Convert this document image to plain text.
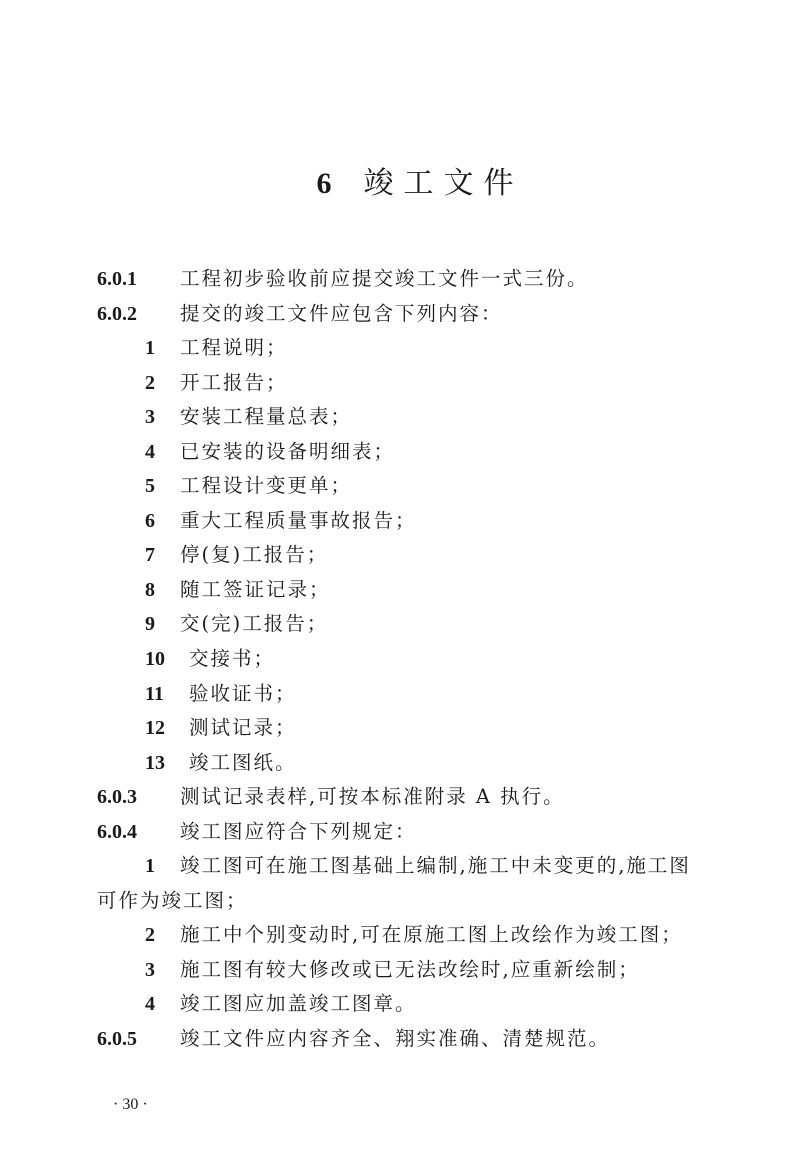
6 竣工文件
6.0.1 工程初步验收前应提交竣工文件一式三份。
6.0.2 提交的竣工文件应包含下列内容：
1 工程说明；
2 开工报告；
3 安装工程量总表；
4 已安装的设备明细表；
5 工程设计变更单；
6 重大工程质量事故报告；
7 停(复)工报告；
8 随工签证记录；
9 交(完)工报告；
10 交接书；
11 验收证书；
12 测试记录；
13 竣工图纸。
6.0.3 测试记录表样,可按本标准附录 A 执行。
6.0.4 竣工图应符合下列规定：
1 竣工图可在施工图基础上编制,施工中未变更的,施工图
可作为竣工图；
2 施工中个别变动时,可在原施工图上改绘作为竣工图；
3 施工图有较大修改或已无法改绘时,应重新绘制；
4 竣工图应加盖竣工图章。
6.0.5 竣工文件应内容齐全、翔实准确、清楚规范。
· 30 ·
